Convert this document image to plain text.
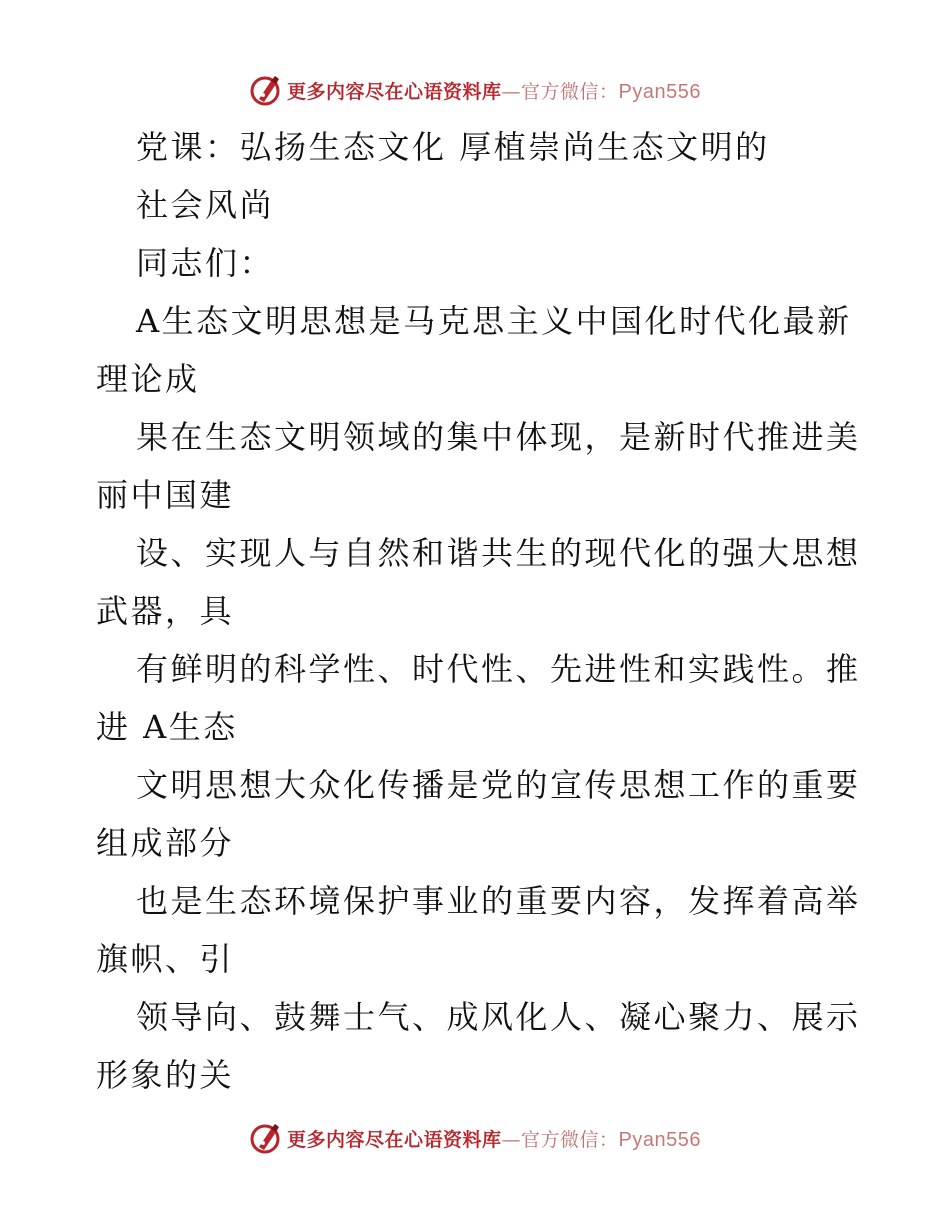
更多内容尽在心语资料库—官方微信：Pyan556
党课：弘扬生态文化 厚植崇尚生态文明的
社会风尚
同志们：
A生态文明思想是马克思主义中国化时代化最新
理论成
果在生态文明领域的集中体现，是新时代推进美
丽中国建
设、实现人与自然和谐共生的现代化的强大思想
武器，具
有鲜明的科学性、时代性、先进性和实践性。推
进 A生态
文明思想大众化传播是党的宣传思想工作的重要
组成部分
也是生态环境保护事业的重要内容，发挥着高举
旗帜、引
领导向、鼓舞士气、成风化人、凝心聚力、展示
形象的关
更多内容尽在心语资料库—官方微信：Pyan556
